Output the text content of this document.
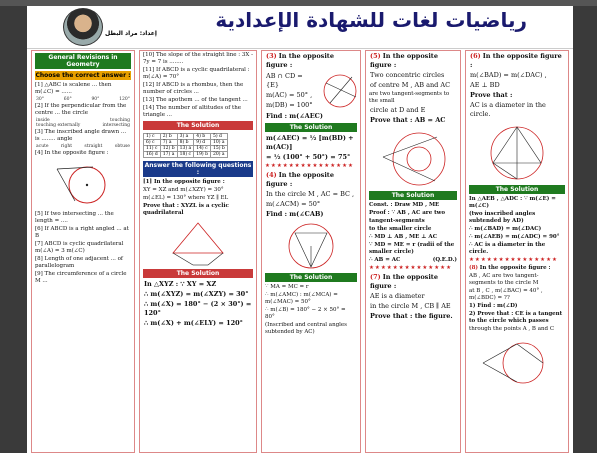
إعداد: مراد البطل
رياضيات لغات للشهادة الإعدادية
General Revisions in Geometry
Choose the correct answer :
[1] △ABC is scalene ... then m(∠C) = ......
30°	60°	90°	120°
[2] If the perpendicular from the centre ... the circle
inside	touching
touching externally	intersecting
[3] The inscribed angle drawn ... is ........ angle
acute	right	straight	obtuse
[4] In the opposite figure :
[5] If two intersecting ... the length = ....
[6] If ABCD is a right angled ... at B
[7] ABCD is cyclic quadrilateral m(∠A) = 3 m(∠C)
[8] Length of one adjacent ... of parallelogram
[9] The circumference of a circle M ...
[10] The slope of the straight line : 3X - 7y = 7 is ........
[11] If ABCD is a cyclic quadrilateral : m(∠A) = 70°
[12] If ABCD is a rhombus, then the number of circles ...
[13] The apothem ... of the tangent ...
[14] The number of altitudes of the triangle ...
The Solution
1) c	2) b	3) a	4) b	5) d
6) c	7) a	8) b	9) d	10) a
11) c	12) b	13) a	14) c	15) b
16) d	17) a	18) c	19) b	20) a
Answer the following questions :
[1] In the opposite figure :
XY = XZ and m(∠XZY) = 30°
m(∠EL) = 130° where YZ ∥ EL
Prove that : XYZL is a cyclic quadrilateral
The Solution
In △XYZ : ∵ XY = XZ
∴ m(∠XYZ) = m(∠XZY) = 30°
∴ m(∠X) = 180° − (2 × 30°) = 120°
∴ m(∠X) + m(∠ELY) = 120°
(3) In the opposite figure :
AB ∩ CD = {E}
m(AC) = 50° ,
m(DB) = 100°
Find : m(∠AEC)
The Solution
m(∠AEC) = ½ [m(BD) + m(AC)]
= ½ (100° + 50°) = 75°
★★★★★★★★★★★★★★★
(4) In the opposite figure :
In the circle M , AC = BC ,
m(∠ACM) = 50°
Find : m(∠CAB)
The Solution
∵ MA = MC = r
∴ m(∠AMC) : m(∠MCA) = m(∠MAC) = 50°
∴ m(∠B) = 180° − 2 × 50° = 80°
(Inscribed and central angles subtended by AC)
(5) In the opposite figure :
Two concentric circles
of centre M , AB and AC
are two tangent-segments to the small
circle at D and E
Prove that : AB = AC
The Solution
Const. : Draw MD , ME
Proof : ∵ AB , AC are two
tangent-segments
to the smaller circle
∴ MD ⊥ AB , ME ⊥ AC
∵ MD = ME = r (radii of the smaller circle)
∴ AB = AC	(Q.E.D.)
★★★★★★★★★★★★★★
(7) In the opposite figure :
AE is a diameter
in the circle M , CB ∥ AE
Prove that : the figure.
(6) In the opposite figure :
m(∠BAD) = m(∠DAC) ,
AE ⊥ BD
Prove that :
AC is a diameter in the circle.
The Solution
In △AEB , △ADC : ∵ m(∠E) = m(∠C)
(two inscribed angles subtended by AD)
∴ m(∠BAD) = m(∠DAC)
∴ m(∠AEB) = m(∠ADC) = 90°
∴ AC is a diameter in the circle.
★★★★★★★★★★★★★★★
(8) In the opposite figure :
AB , AC are two tangent-segments to the circle M
at B , C , m(∠BAC) = 40° , m(∠BDC) = ??
1) Find : m(∠D)
2) Prove that : CE is a tangent to the circle which passes
through the points A , B and C
